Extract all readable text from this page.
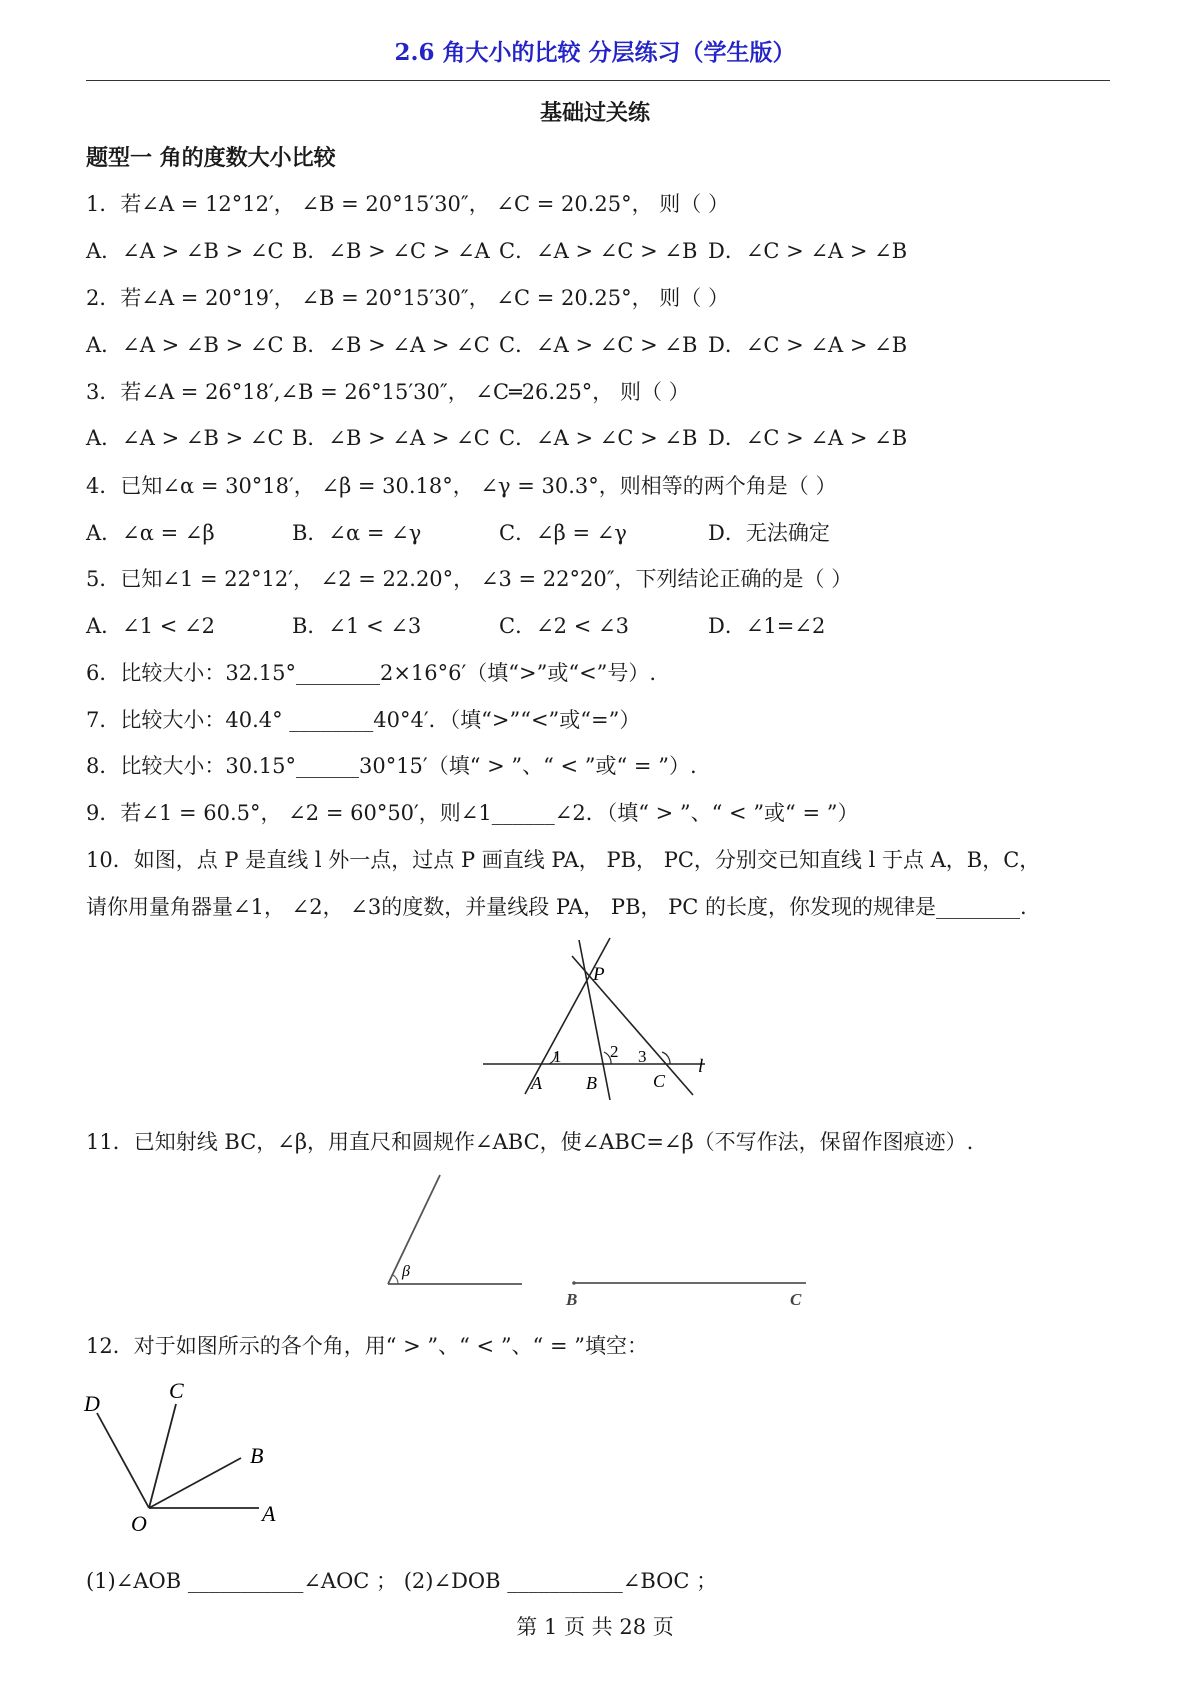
2.6 角大小的比较 分层练习（学生版）
基础过关练
题型一 角的度数大小比较
1．若∠A = 12°12′， ∠B = 20°15′30″， ∠C = 20.25°， 则（ ）
A．∠A > ∠B > ∠C B．∠B > ∠C > ∠A C．∠A > ∠C > ∠B D．∠C > ∠A > ∠B
2．若∠A = 20°19′， ∠B = 20°15′30″， ∠C = 20.25°， 则（ ）
A．∠A > ∠B > ∠C B．∠B > ∠A > ∠C C．∠A > ∠C > ∠B D．∠C > ∠A > ∠B
3．若∠A = 26°18′,∠B = 26°15′30″， ∠C═26.25°， 则（ ）
A．∠A > ∠B > ∠C B．∠B > ∠A > ∠C C．∠A > ∠C > ∠B D．∠C > ∠A > ∠B
4．已知∠α = 30°18′， ∠β = 30.18°， ∠γ = 30.3°，则相等的两个角是（ ）
A．∠α = ∠β	B．∠α = ∠γ	C．∠β = ∠γ	D．无法确定
5．已知∠1 = 22°12′， ∠2 = 22.20°， ∠3 = 22°20″，下列结论正确的是（ ）
A．∠1 < ∠2	B．∠1 < ∠3	C．∠2 < ∠3	D．∠1=∠2
6．比较大小：32.15°________2×16°6′（填“>”或“<”号）.
7．比较大小：40.4° ________40°4′．（填“>”“<”或“=”）
8．比较大小：30.15°______30°15′（填“ > ”、“ < ”或“ = ”）.
9．若∠1 = 60.5°， ∠2 = 60°50′，则∠1______∠2．（填“ > ”、“ < ”或“ = ”）
10．如图，点 P 是直线 l 外一点，过点 P 画直线 PA， PB， PC，分别交已知直线 l 于点 A，B，C，
请你用量角器量∠1， ∠2， ∠3的度数，并量线段 PA， PB， PC 的长度，你发现的规律是________.
P
A B	C
1	2 3	l
11．已知射线 BC，∠β，用直尺和圆规作∠ABC，使∠ABC=∠β（不写作法，保留作图痕迹）.
β
B	C
12．对于如图所示的各个角，用“ > ”、“ < ”、“ = ”填空：
D
C
B
A
O
(1)∠AOB ___________∠AOC ； (2)∠DOB ___________∠BOC ；
第 1 页 共 28 页
